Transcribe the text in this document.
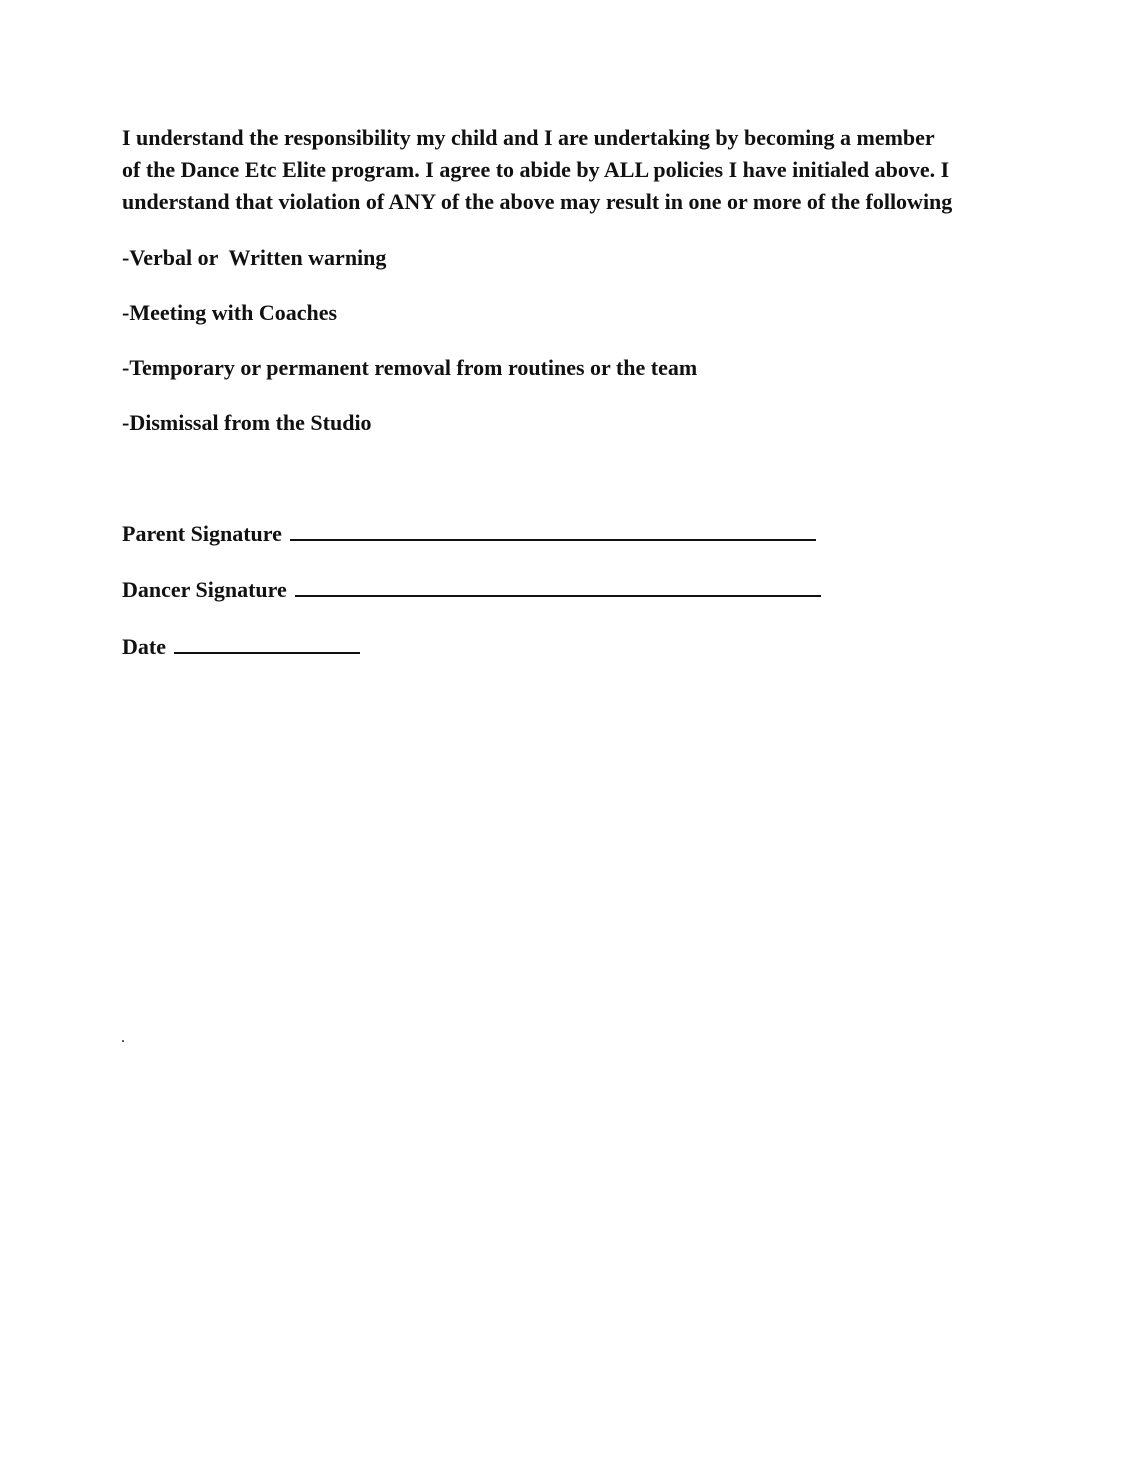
I understand the responsibility my child and I are undertaking by becoming a member
of the Dance Etc Elite program. I agree to abide by ALL policies I have initialed above. I
understand that violation of ANY of the above may result in one or more of the following

-Verbal or  Written warning

-Meeting with Coaches

-Temporary or permanent removal from routines or the team

-Dismissal from the Studio

Parent Signature

Dancer Signature

Date

.
